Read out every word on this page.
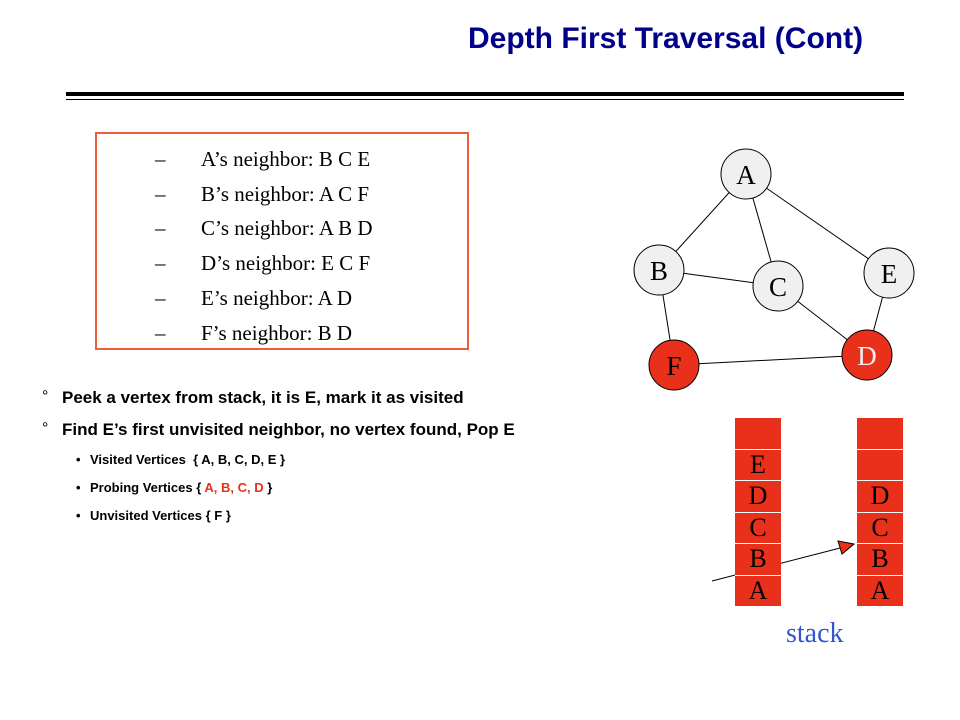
Depth First Traversal (Cont)
– A’s neighbor: B C E
– B’s neighbor: A C F
– C’s neighbor: A B D
– D’s neighbor: E C F
– E’s neighbor: A D
– F’s neighbor: B D
° Peek a vertex from stack, it is E, mark it as visited
° Find E’s first unvisited neighbor, no vertex found, Pop E
• Visited Vertices { A, B, C, D, E }
• Probing Vertices { A, B, C, D }
• Unvisited Vertices { F }
A
B
C	E
D
F
E
D
C
B
A
D
C
B
A
stack
